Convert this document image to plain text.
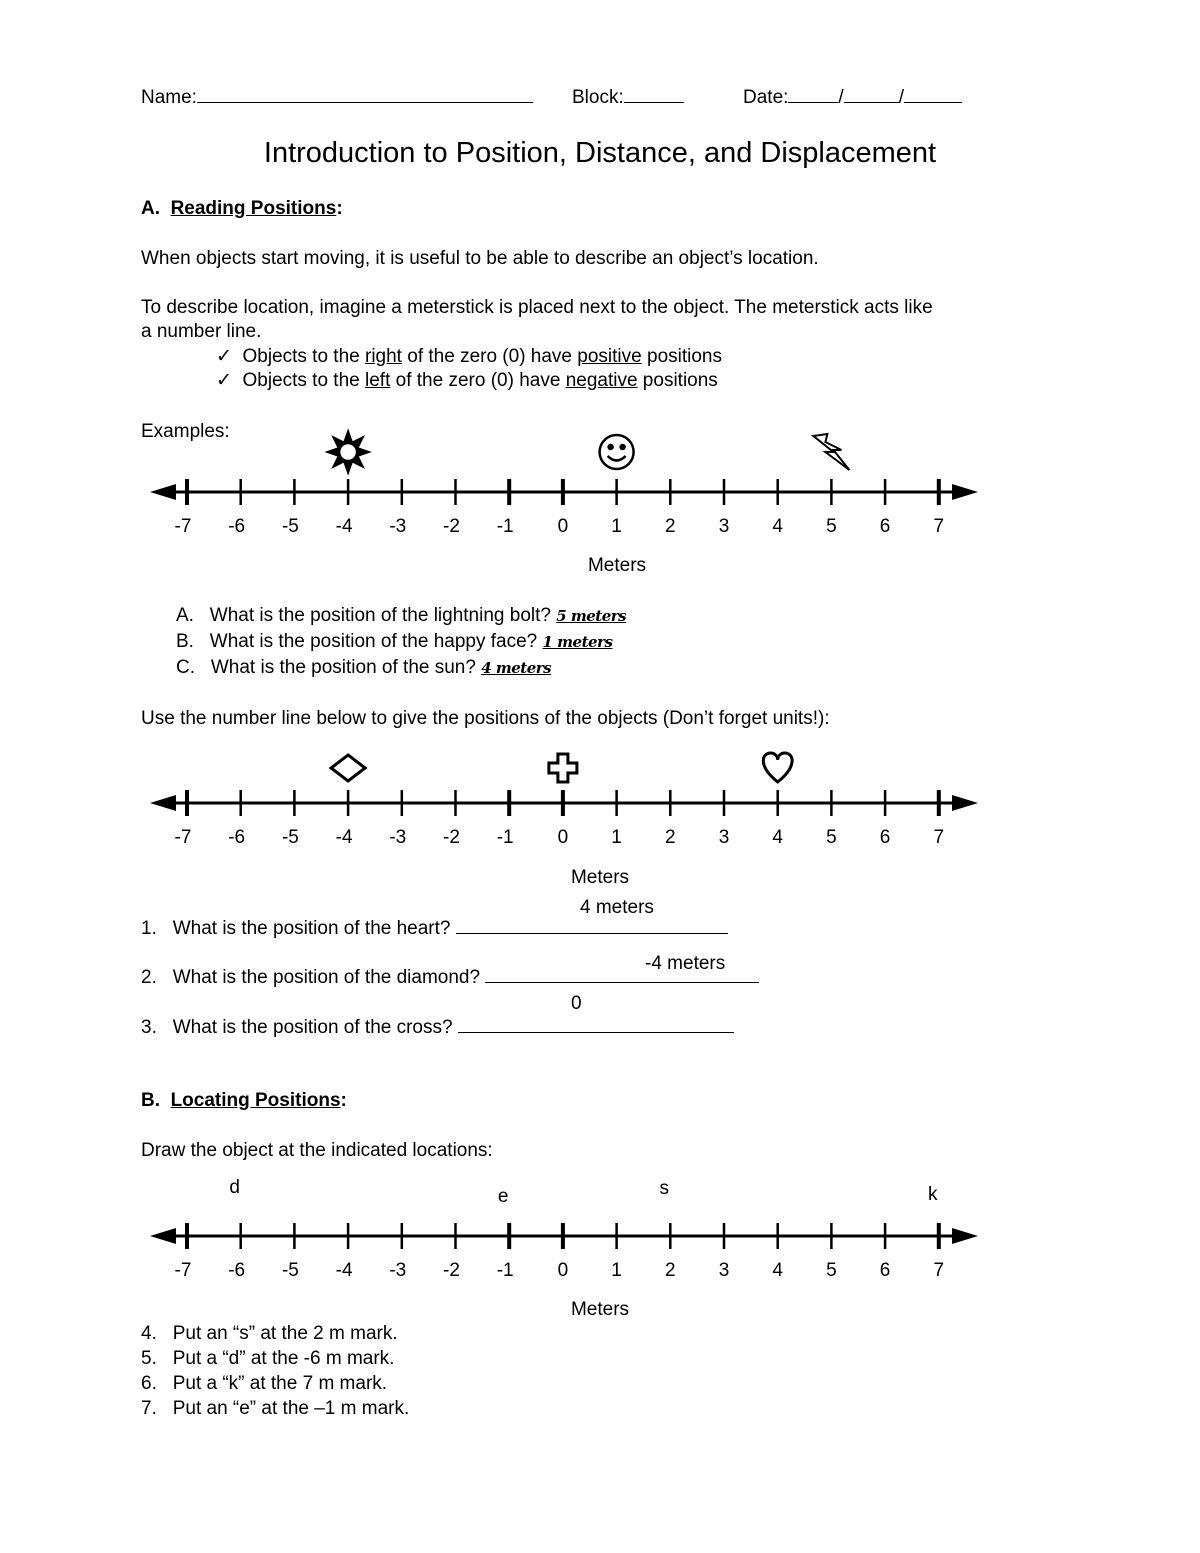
Name:	Block:	Date:	/	/
Introduction to Position, Distance, and Displacement
A. Reading Positions:
When objects start moving, it is useful to be able to describe an object’s location.
To describe location, imagine a meterstick is placed next to the object. The meterstick acts like
a number line.
✓ Objects to the right of the zero (0) have positive positions
✓ Objects to the left of the zero (0) have negative positions
Examples:
-7 -6 -5 -4 -3 -2 -1 0 1 2 3 4 5 6 7
Meters
A. What is the position of the lightning bolt? 5 meters
B. What is the position of the happy face? 1 meters
C. What is the position of the sun? 4 meters
Use the number line below to give the positions of the objects (Don’t forget units!):
-7 -6 -5 -4 -3 -2 -1 0 1 2 3 4 5 6 7
Meters
4 meters
1. What is the position of the heart?
-4 meters
2. What is the position of the diamond?
0
3. What is the position of the cross?
B. Locating Positions:
Draw the object at the indicated locations:
-7 -6 -5 -4 -3 -2 -1 0 1 2 3 4 5 6 7
d	e	s	k
Meters
4. Put an “s” at the 2 m mark.
5. Put a “d” at the -6 m mark.
6. Put a “k” at the 7 m mark.
7. Put an “e” at the –1 m mark.
